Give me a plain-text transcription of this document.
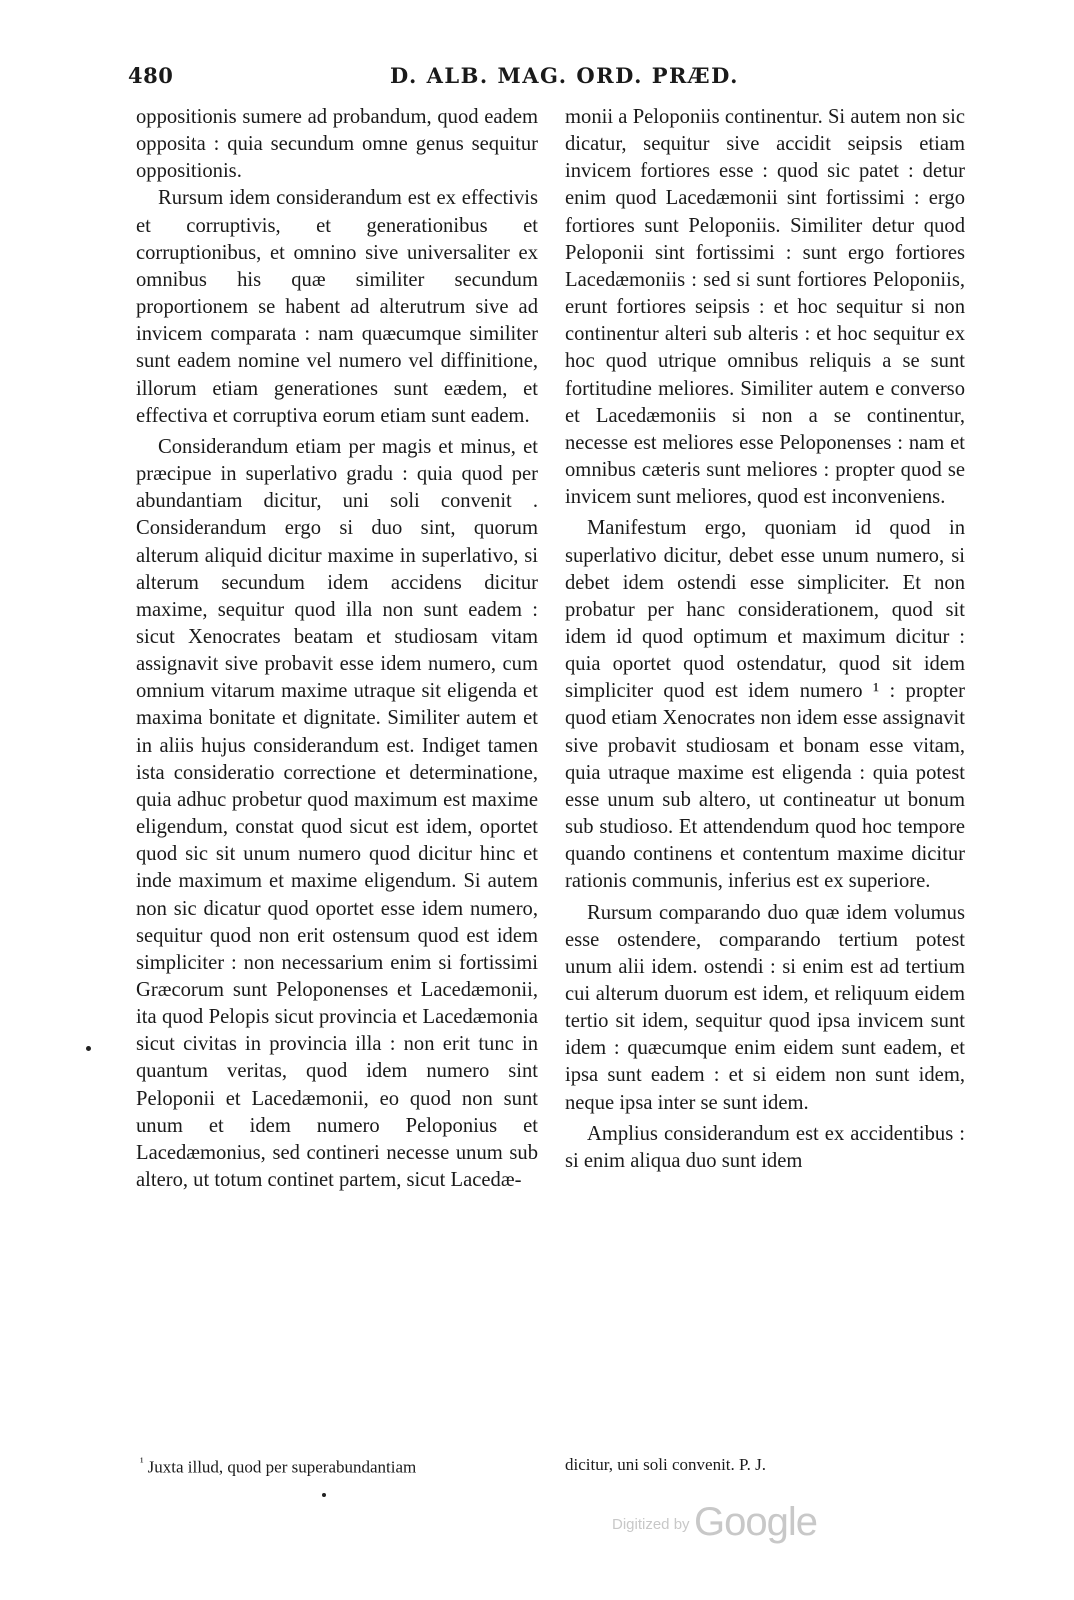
480	D. ALB. MAG. ORD. PRÆD.

oppositionis sumere ad probandum, quod eadem opposita : quia secundum omne genus sequitur oppositionis.

Rursum idem considerandum est ex effectivis et corruptivis, et generationibus et corruptionibus, et omnino sive universaliter ex omnibus his quæ similiter secundum proportionem se habent ad alterutrum sive ad invicem comparata : nam quæcumque similiter sunt eadem nomine vel numero vel diffinitione, illorum etiam generationes sunt eædem, et effectiva et corruptiva eorum etiam sunt eadem.

Considerandum etiam per magis et minus, et præcipue in superlativo gradu : quia quod per abundantiam dicitur, uni soli convenit . Considerandum ergo si duo sint, quorum alterum aliquid dicitur maxime in superlativo, si alterum secundum idem accidens dicitur maxime, sequitur quod illa non sunt eadem : sicut Xenocrates beatam et studiosam vitam assignavit sive probavit esse idem numero, cum omnium vitarum maxime utraque sit eligenda et maxima bonitate et dignitate. Similiter autem et in aliis hujus considerandum est. Indiget tamen ista consideratio correctione et determinatione, quia adhuc probetur quod maximum est maxime eligendum, constat quod sicut est idem, oportet quod sic sit unum numero quod dicitur hinc et inde maximum et maxime eligendum. Si autem non sic dicatur quod oportet esse idem numero, sequitur quod non erit ostensum quod est idem simpliciter : non necessarium enim si fortissimi Græcorum sunt Peloponenses et Lacedæmonii, ita quod Pelopis sicut provincia et Lacedæmonia sicut civitas in provincia illa : non erit tunc in quantum veritas, quod idem numero sint Peloponii et Lacedæmonii, eo quod non sunt unum et idem numero Peloponius et Lacedæmonius, sed contineri necesse unum sub altero, ut totum continet partem, sicut Lacedæ-

monii a Peloponiis continentur. Si autem non sic dicatur, sequitur sive accidit seipsis etiam invicem fortiores esse : quod sic patet : detur enim quod Lacedæmonii sint fortissimi : ergo fortiores sunt Peloponiis. Similiter detur quod Peloponii sint fortissimi : sunt ergo fortiores Lacedæmoniis : sed si sunt fortiores Peloponiis, erunt fortiores seipsis : et hoc sequitur si non continentur alteri sub alteris : et hoc sequitur ex hoc quod utrique omnibus reliquis a se sunt fortitudine meliores. Similiter autem e converso et Lacedæmoniis si non a se continentur, necesse est meliores esse Peloponenses : nam et omnibus cæteris sunt meliores : propter quod se invicem sunt meliores, quod est inconveniens.

Manifestum ergo, quoniam id quod in superlativo dicitur, debet esse unum numero, si debet idem ostendi esse simpliciter. Et non probatur per hanc considerationem, quod sit idem id quod optimum et maximum dicitur : quia oportet quod ostendatur, quod sit idem simpliciter quod est idem numero ¹ : propter quod etiam Xenocrates non idem esse assignavit sive probavit studiosam et bonam esse vitam, quia utraque maxime est eligenda : quia potest esse unum sub altero, ut contineatur ut bonum sub studioso. Et attendendum quod hoc tempore quando continens et contentum maxime dicitur rationis communis, inferius est ex superiore.

Rursum comparando duo quæ idem volumus esse ostendere, comparando tertium potest unum alii idem. ostendi : si enim est ad tertium cui alterum duorum est idem, et reliquum eidem tertio sit idem, sequitur quod ipsa invicem sunt idem : quæcumque enim eidem sunt eadem, et ipsa sunt eadem : et si eidem non sunt idem, neque ipsa inter se sunt idem.

Amplius considerandum est ex accidentibus : si enim aliqua duo sunt idem

$^{^1}$ Juxta illud, quod per superabundantiam	dicitur, uni soli convenit. P. J.
Digitized by Google
